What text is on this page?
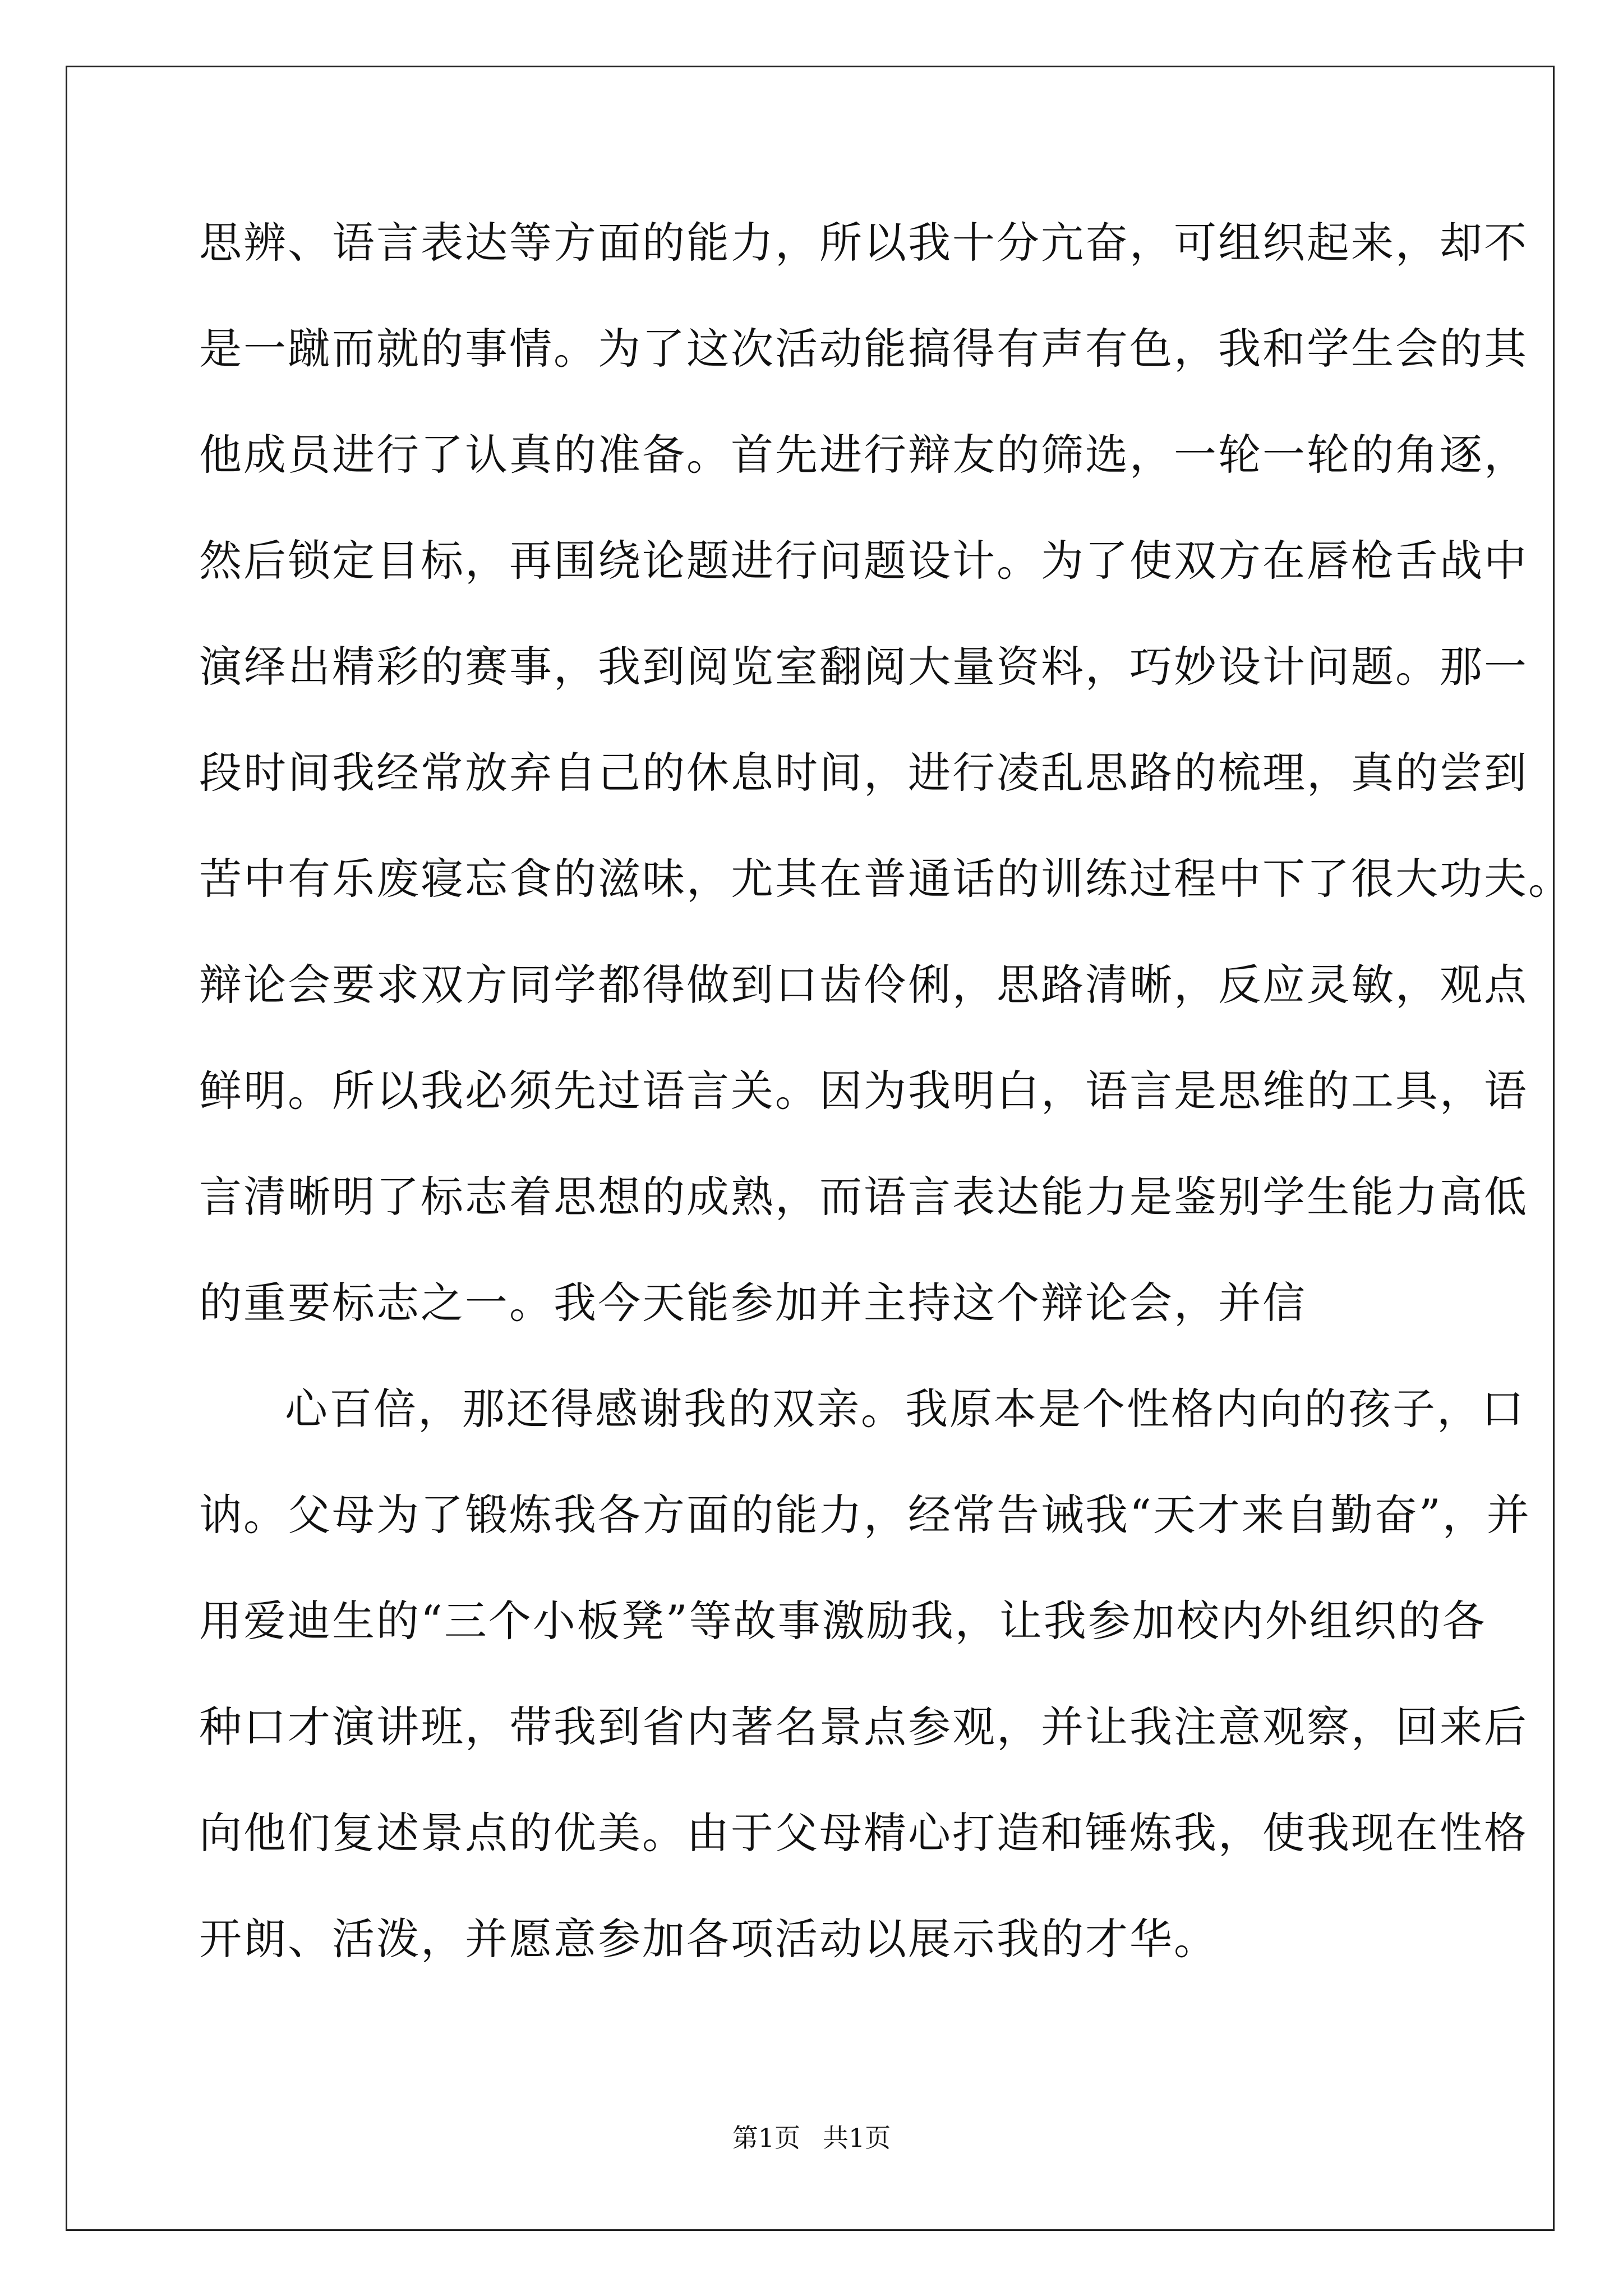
思辨、语言表达等方面的能力，所以我十分亢奋，可组织起来，却不
是一蹴而就的事情。为了这次活动能搞得有声有色，我和学生会的其
他成员进行了认真的准备。首先进行辩友的筛选，一轮一轮的角逐，
然后锁定目标，再围绕论题进行问题设计。为了使双方在唇枪舌战中
演绎出精彩的赛事，我到阅览室翻阅大量资料，巧妙设计问题。那一
段时间我经常放弃自己的休息时间，进行凌乱思路的梳理，真的尝到
苦中有乐废寝忘食的滋味，尤其在普通话的训练过程中下了很大功夫。
辩论会要求双方同学都得做到口齿伶俐，思路清晰，反应灵敏，观点
鲜明。所以我必须先过语言关。因为我明白，语言是思维的工具，语
言清晰明了标志着思想的成熟，而语言表达能力是鉴别学生能力高低
的重要标志之一。我今天能参加并主持这个辩论会，并信
心百倍，那还得感谢我的双亲。我原本是个性格内向的孩子，口
讷。父母为了锻炼我各方面的能力，经常告诫我“天才来自勤奋”，并
用爱迪生的“三个小板凳”等故事激励我，让我参加校内外组织的各
种口才演讲班，带我到省内著名景点参观，并让我注意观察，回来后
向他们复述景点的优美。由于父母精心打造和锤炼我，使我现在性格
开朗、活泼，并愿意参加各项活动以展示我的才华。
第1页 共1页
